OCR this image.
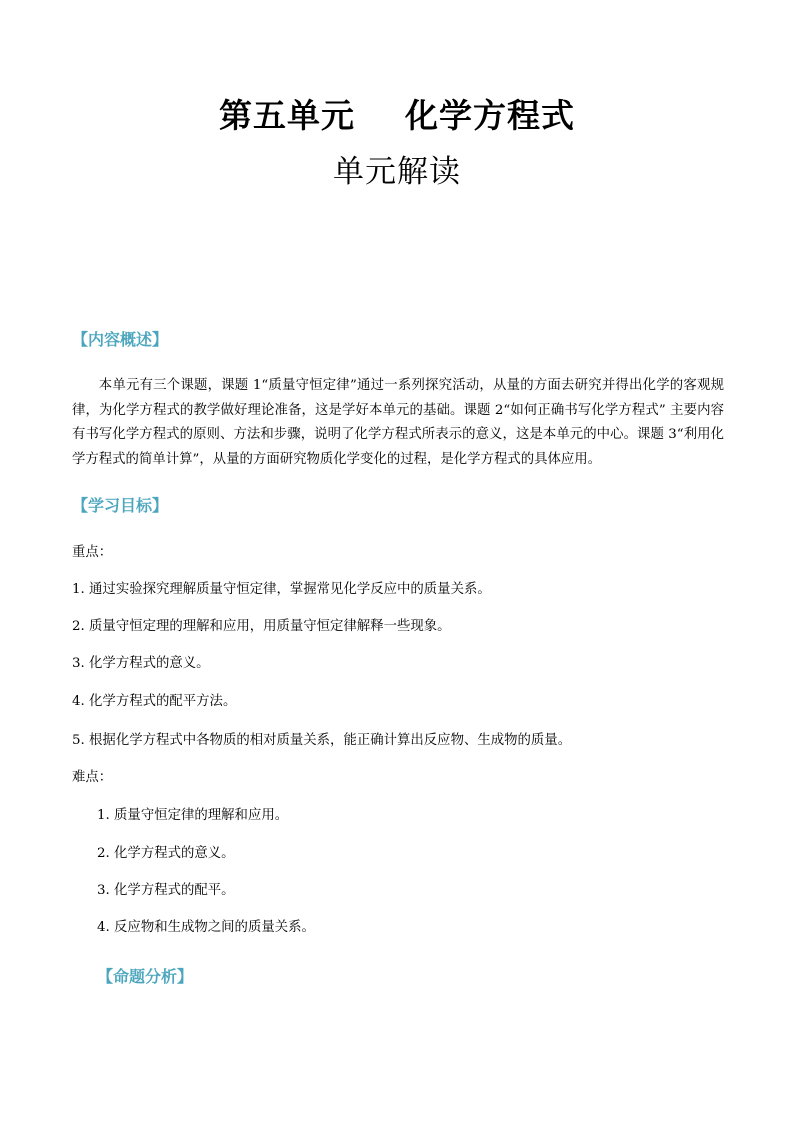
第五单元    化学方程式
单元解读
【内容概述】
本单元有三个课题，课题 1“质量守恒定律”通过一系列探究活动，从量的方面去研究并得出化学的客观规律，为化学方程式的教学做好理论准备，这是学好本单元的基础。课题 2“如何正确书写化学方程式” 主要内容有书写化学方程式的原则、方法和步骤，说明了化学方程式所表示的意义，这是本单元的中心。课题 3“利用化学方程式的简单计算”，从量的方面研究物质化学变化的过程，是化学方程式的具体应用。
【学习目标】
重点：
1. 通过实验探究理解质量守恒定律，掌握常见化学反应中的质量关系。
2. 质量守恒定理的理解和应用，用质量守恒定律解释一些现象。
3. 化学方程式的意义。
4. 化学方程式的配平方法。
5. 根据化学方程式中各物质的相对质量关系，能正确计算出反应物、生成物的质量。
难点：
1. 质量守恒定律的理解和应用。
2. 化学方程式的意义。
3. 化学方程式的配平。
4. 反应物和生成物之间的质量关系。
【命题分析】
